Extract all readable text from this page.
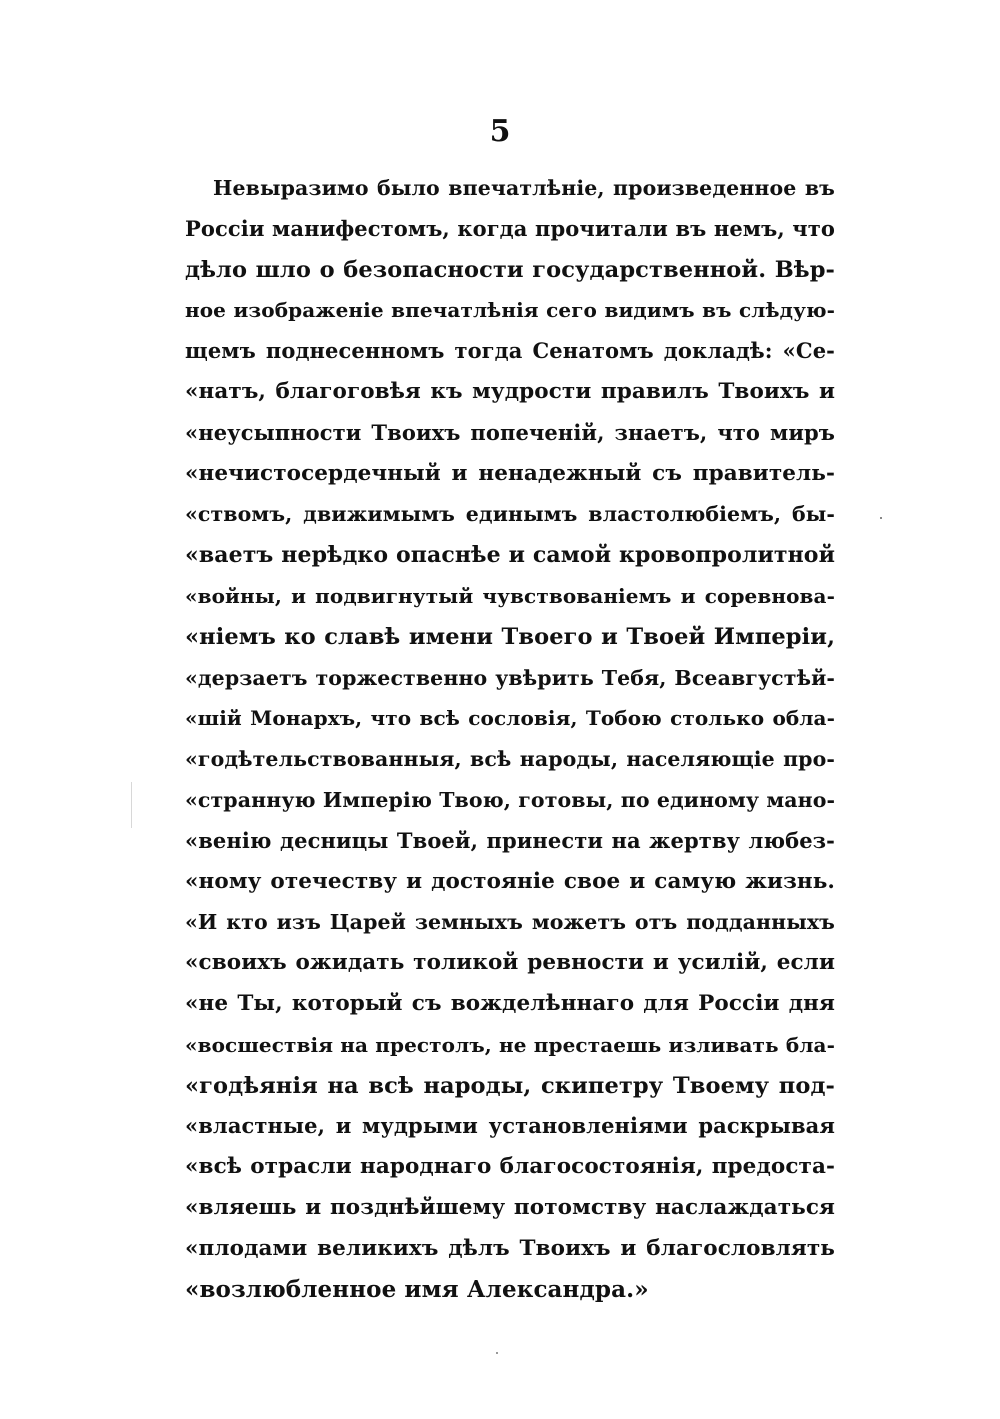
5
Невыразимо было впечатлѣніе, произведенное въ
Россіи манифестомъ, когда прочитали въ немъ, что
дѣло шло о безопасности государственной. Вѣр-
ное изображеніе впечатлѣнія сего видимъ въ слѣдую-
щемъ поднесенномъ тогда Сенатомъ докладѣ: «Се-
«натъ, благоговѣя къ мудрости правилъ Твоихъ и
«неусыпности Твоихъ попеченій, знаетъ, что миръ
«нечистосердечный и ненадежный съ правитель-
«ствомъ, движимымъ единымъ властолюбіемъ, бы-
«ваетъ нерѣдко опаснѣе и самой кровопролитной
«войны, и подвигнутый чувствованіемъ и соревнова-
«ніемъ ко славѣ имени Твоего и Твоей Имперіи,
«дерзаетъ торжественно увѣрить Тебя, Всеавгустѣй-
«шій Монархъ, что всѣ сословія, Тобою столько обла-
«годѣтельствованныя, всѣ народы, населяющіе про-
«странную Имперію Твою, готовы, по единому мано-
«венію десницы Твоей, принести на жертву любез-
«ному отечеству и достояніе свое и самую жизнь.
«И кто изъ Царей земныхъ можетъ отъ подданныхъ
«своихъ ожидать толикой ревности и усилій, если
«не Ты, который съ вожделѣннаго для Россіи дня
«восшествія на престолъ, не престаешь изливать бла-
«годѣянія на всѣ народы, скипетру Твоему под-
«властные, и мудрыми установленіями раскрывая
«всѣ отрасли народнаго благосостоянія, предоста-
«вляешь и позднѣйшему потомству наслаждаться
«плодами великихъ дѣлъ Твоихъ и благословлять
«возлюбленное имя Александра.»
